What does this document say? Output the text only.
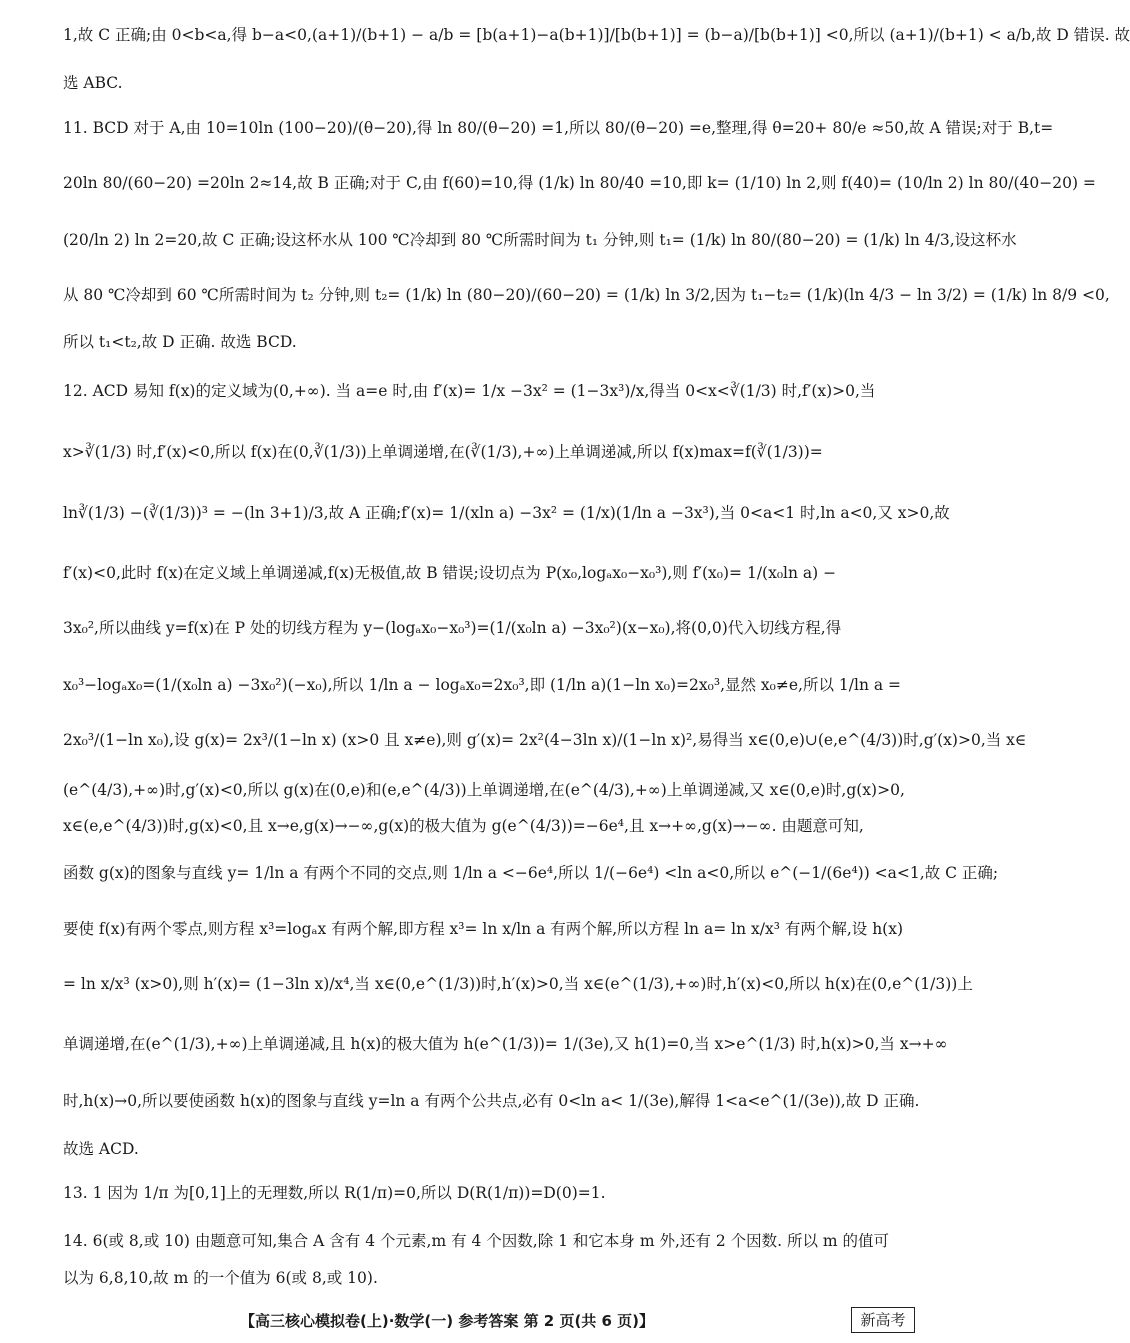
1,故 C 正确;由 0<b<a,得 b−a<0,(a+1)/(b+1) − a/b = [b(a+1)−a(b+1)]/[b(b+1)] = (b−a)/[b(b+1)] <0,所以 (a+1)/(b+1) < a/b,故 D 错误. 故
选 ABC.
11. BCD 对于 A,由 10=10ln (100−20)/(θ−20),得 ln 80/(θ−20) =1,所以 80/(θ−20) =e,整理,得 θ=20+ 80/e ≈50,故 A 错误;对于 B,t=
20ln 80/(60−20) =20ln 2≈14,故 B 正确;对于 C,由 f(60)=10,得 (1/k) ln 80/40 =10,即 k= (1/10) ln 2,则 f(40)= (10/ln 2) ln 80/(40−20) =
(20/ln 2) ln 2=20,故 C 正确;设这杯水从 100 ℃冷却到 80 ℃所需时间为 t₁ 分钟,则 t₁= (1/k) ln 80/(80−20) = (1/k) ln 4/3,设这杯水
从 80 ℃冷却到 60 ℃所需时间为 t₂ 分钟,则 t₂= (1/k) ln (80−20)/(60−20) = (1/k) ln 3/2,因为 t₁−t₂= (1/k)(ln 4/3 − ln 3/2) = (1/k) ln 8/9 <0,
所以 t₁<t₂,故 D 正确. 故选 BCD.
12. ACD 易知 f(x)的定义域为(0,+∞). 当 a=e 时,由 f′(x)= 1/x −3x² = (1−3x³)/x,得当 0<x<∛(1/3) 时,f′(x)>0,当
x>∛(1/3) 时,f′(x)<0,所以 f(x)在(0,∛(1/3))上单调递增,在(∛(1/3),+∞)上单调递减,所以 f(x)max=f(∛(1/3))=
ln∛(1/3) −(∛(1/3))³ = −(ln 3+1)/3,故 A 正确;f′(x)= 1/(xln a) −3x² = (1/x)(1/ln a −3x³),当 0<a<1 时,ln a<0,又 x>0,故
f′(x)<0,此时 f(x)在定义域上单调递减,f(x)无极值,故 B 错误;设切点为 P(x₀,logₐx₀−x₀³),则 f′(x₀)= 1/(x₀ln a) −
3x₀²,所以曲线 y=f(x)在 P 处的切线方程为 y−(logₐx₀−x₀³)=(1/(x₀ln a) −3x₀²)(x−x₀),将(0,0)代入切线方程,得
x₀³−logₐx₀=(1/(x₀ln a) −3x₀²)(−x₀),所以 1/ln a − logₐx₀=2x₀³,即 (1/ln a)(1−ln x₀)=2x₀³,显然 x₀≠e,所以 1/ln a =
2x₀³/(1−ln x₀),设 g(x)= 2x³/(1−ln x) (x>0 且 x≠e),则 g′(x)= 2x²(4−3ln x)/(1−ln x)²,易得当 x∈(0,e)∪(e,e^(4/3))时,g′(x)>0,当 x∈
(e^(4/3),+∞)时,g′(x)<0,所以 g(x)在(0,e)和(e,e^(4/3))上单调递增,在(e^(4/3),+∞)上单调递减,又 x∈(0,e)时,g(x)>0,
x∈(e,e^(4/3))时,g(x)<0,且 x→e,g(x)→−∞,g(x)的极大值为 g(e^(4/3))=−6e⁴,且 x→+∞,g(x)→−∞. 由题意可知,
函数 g(x)的图象与直线 y= 1/ln a 有两个不同的交点,则 1/ln a <−6e⁴,所以 1/(−6e⁴) <ln a<0,所以 e^(−1/(6e⁴)) <a<1,故 C 正确;
要使 f(x)有两个零点,则方程 x³=logₐx 有两个解,即方程 x³= ln x/ln a 有两个解,所以方程 ln a= ln x/x³ 有两个解,设 h(x)
= ln x/x³ (x>0),则 h′(x)= (1−3ln x)/x⁴,当 x∈(0,e^(1/3))时,h′(x)>0,当 x∈(e^(1/3),+∞)时,h′(x)<0,所以 h(x)在(0,e^(1/3))上
单调递增,在(e^(1/3),+∞)上单调递减,且 h(x)的极大值为 h(e^(1/3))= 1/(3e),又 h(1)=0,当 x>e^(1/3) 时,h(x)>0,当 x→+∞
时,h(x)→0,所以要使函数 h(x)的图象与直线 y=ln a 有两个公共点,必有 0<ln a< 1/(3e),解得 1<a<e^(1/(3e)),故 D 正确.
故选 ACD.
13. 1 因为 1/π 为[0,1]上的无理数,所以 R(1/π)=0,所以 D(R(1/π))=D(0)=1.
14. 6(或 8,或 10) 由题意可知,集合 A 含有 4 个元素,m 有 4 个因数,除 1 和它本身 m 外,还有 2 个因数. 所以 m 的值可
以为 6,8,10,故 m 的一个值为 6(或 8,或 10).
【高三核心模拟卷(上)·数学(一) 参考答案 第 2 页(共 6 页)】	新高考
